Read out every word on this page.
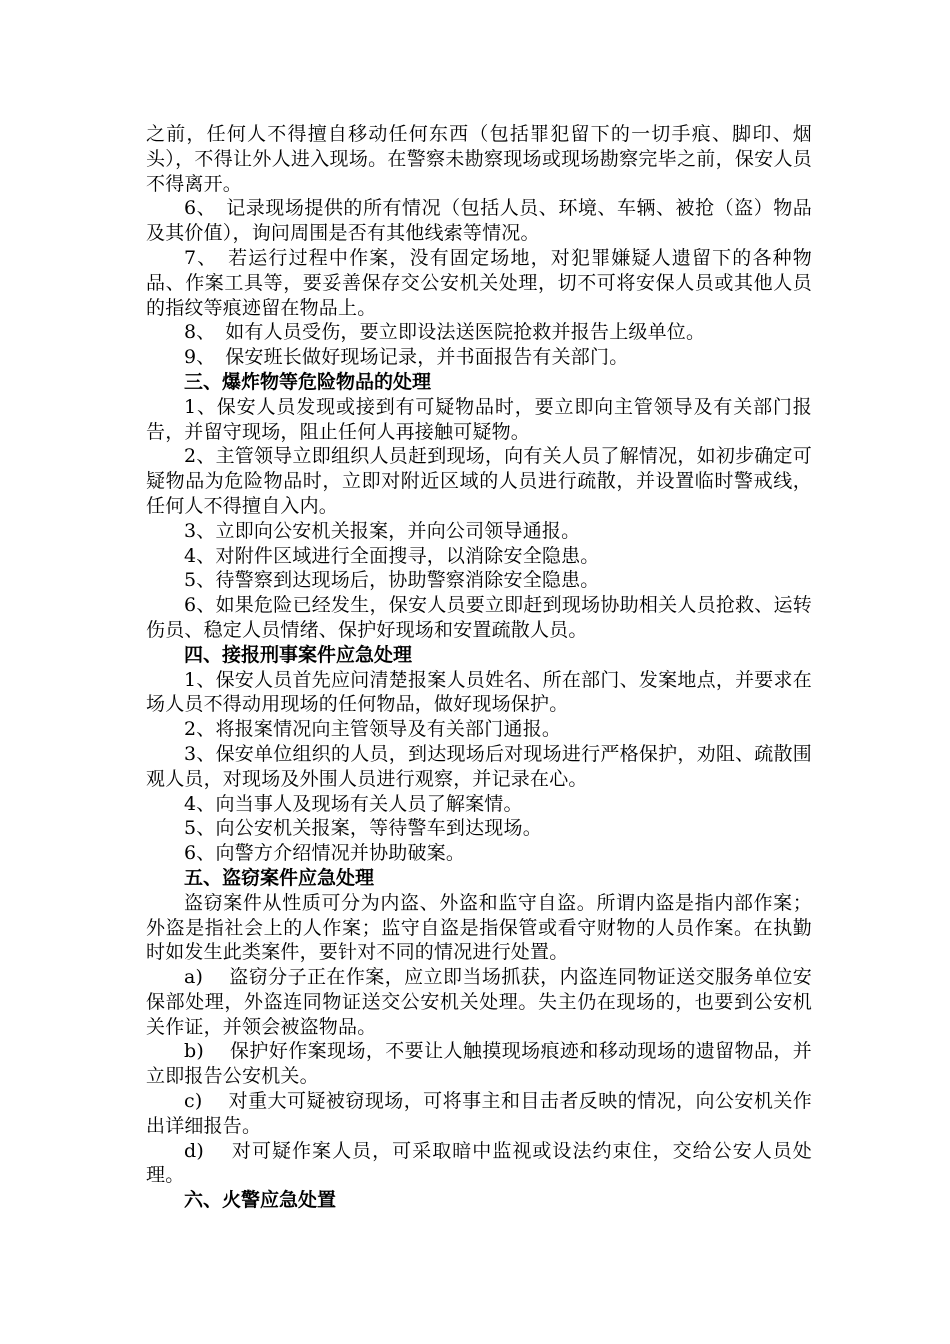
之前，任何人不得擅自移动任何东西（包括罪犯留下的一切手痕、脚印、烟头），不得让外人进入现场。在警察未勘察现场或现场勘察完毕之前，保安人员不得离开。

6、　记录现场提供的所有情况（包括人员、环境、车辆、被抢（盗）物品及其价值），询问周围是否有其他线索等情况。

7、　若运行过程中作案，没有固定场地，对犯罪嫌疑人遗留下的各种物品、作案工具等，要妥善保存交公安机关处理，切不可将安保人员或其他人员的指纹等痕迹留在物品上。

8、　如有人员受伤，要立即设法送医院抢救并报告上级单位。

9、　保安班长做好现场记录，并书面报告有关部门。

三、爆炸物等危险物品的处理

1、保安人员发现或接到有可疑物品时，要立即向主管领导及有关部门报告，并留守现场，阻止任何人再接触可疑物。

2、主管领导立即组织人员赶到现场，向有关人员了解情况，如初步确定可疑物品为危险物品时，立即对附近区域的人员进行疏散，并设置临时警戒线，任何人不得擅自入内。

3、立即向公安机关报案，并向公司领导通报。

4、对附件区域进行全面搜寻，以消除安全隐患。

5、待警察到达现场后，协助警察消除安全隐患。

6、如果危险已经发生，保安人员要立即赶到现场协助相关人员抢救、运转伤员、稳定人员情绪、保护好现场和安置疏散人员。

四、接报刑事案件应急处理

1、保安人员首先应问清楚报案人员姓名、所在部门、发案地点，并要求在场人员不得动用现场的任何物品，做好现场保护。

2、将报案情况向主管领导及有关部门通报。

3、保安单位组织的人员，到达现场后对现场进行严格保护，劝阻、疏散围观人员，对现场及外围人员进行观察，并记录在心。

4、向当事人及现场有关人员了解案情。

5、向公安机关报案，等待警车到达现场。

6、向警方介绍情况并协助破案。

五、盗窃案件应急处理

盗窃案件从性质可分为内盗、外盗和监守自盗。所谓内盗是指内部作案；外盗是指社会上的人作案；监守自盗是指保管或看守财物的人员作案。在执勤时如发生此类案件，要针对不同的情况进行处置。

a)　 盗窃分子正在作案，应立即当场抓获，内盗连同物证送交服务单位安保部处理，外盗连同物证送交公安机关处理。失主仍在现场的，也要到公安机关作证，并领会被盗物品。

b)　 保护好作案现场，不要让人触摸现场痕迹和移动现场的遗留物品，并立即报告公安机关。

c)　 对重大可疑被窃现场，可将事主和目击者反映的情况，向公安机关作出详细报告。

d)　 对可疑作案人员，可采取暗中监视或设法约束住，交给公安人员处理。

六、火警应急处置
